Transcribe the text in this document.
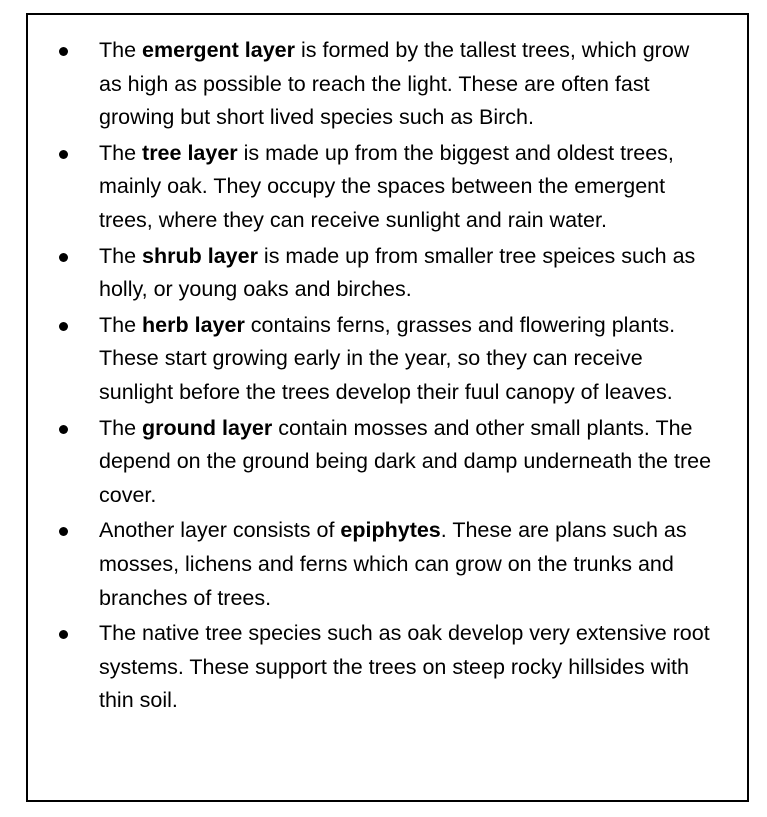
The emergent layer is formed by the tallest trees, which grow as high as possible to reach the light. These are often fast growing but short lived species such as Birch.
The tree layer is made up from the biggest and oldest trees, mainly oak. They occupy the spaces between the emergent trees, where they can receive sunlight and rain water.
The shrub layer is made up from smaller tree speices such as holly, or young oaks and birches.
The herb layer contains ferns, grasses and flowering plants. These start growing early in the year, so they can receive sunlight before the trees develop their fuul canopy of leaves.
The ground layer contain mosses and other small plants. The depend on the ground being dark and damp underneath the tree cover.
Another layer consists of epiphytes. These are plans such as mosses, lichens and ferns which can grow on the trunks and branches of trees.
The native tree species such as oak develop very extensive root systems. These support the trees on steep rocky hillsides with thin soil.
